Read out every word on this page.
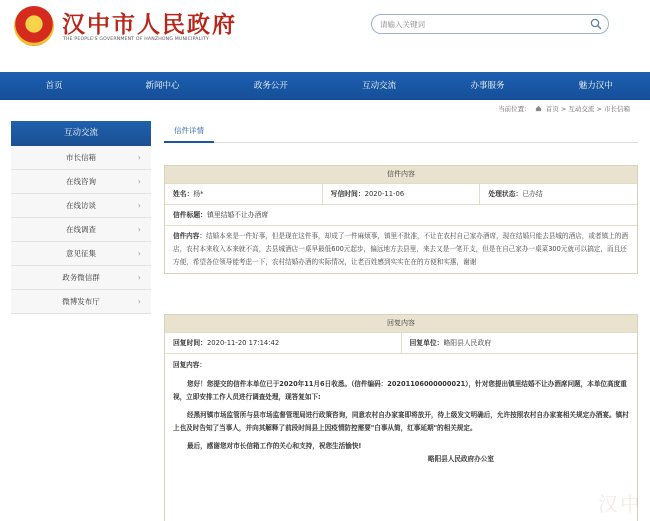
★ 汉中市人民政府
THE PEOPLE'S GOVERNMENT OF HANZHONG MUNICIPALITY
请输入关键词
首页	新闻中心	政务公开	互动交流	办事服务	魅力汉中
当前位置： 首页 > 互动交流 > 市长信箱
互动交流
市长信箱	›
在线咨询	›
在线访谈	›
在线调查	›
意见征集	›
政务微信群	›
微博发布厅	›
信件详情
信件内容
姓名：杨*	写信时间：2020-11-06	处理状态：已办结
信件标题：镇里结婚不让办酒席
信件内容：结婚本来是一件好事，但是现在这件事，却成了一件麻烦事，镇里不批准，不让在农村自己家办酒席，现在结婚只能去县城的酒店，或者镇上的酒店，农村本来收入本来就不高，去县城酒店一桌早最低600元起步，偏远地方去县里，来去又是一笔开支，但是在自己家办一桌菜300元就可以搞定，而且还方便，希望各位领导能考虑一下，农村结婚办酒的实际情况，让老百姓感到实实在在的方便和实惠，谢谢
回复内容
回复时间：2020-11-20 17:14:42	回复单位：略阳县人民政府

回复内容：

您好！您提交的信件本单位已于2020年11月6日收悉。（信件编码：20201106000000021），针对您提出镇里结婚不让办酒席问题，本单位高度重视，立即安排工作人员进行调查处理，现答复如下:

经黑河镇市场监管所与县市场监督管理局进行政策咨询，同意农村自办家宴即将放开，待上级发文明确后，允许按照农村自办家宴相关规定办酒宴。镇村上也及时告知了当事人，并向其解释了前段时间县上因疫情防控需要"白事从简，红事延期"的相关规定。

最后，感谢您对市长信箱工作的关心和支持，祝您生活愉快!

略阳县人民政府办公室

汉中
